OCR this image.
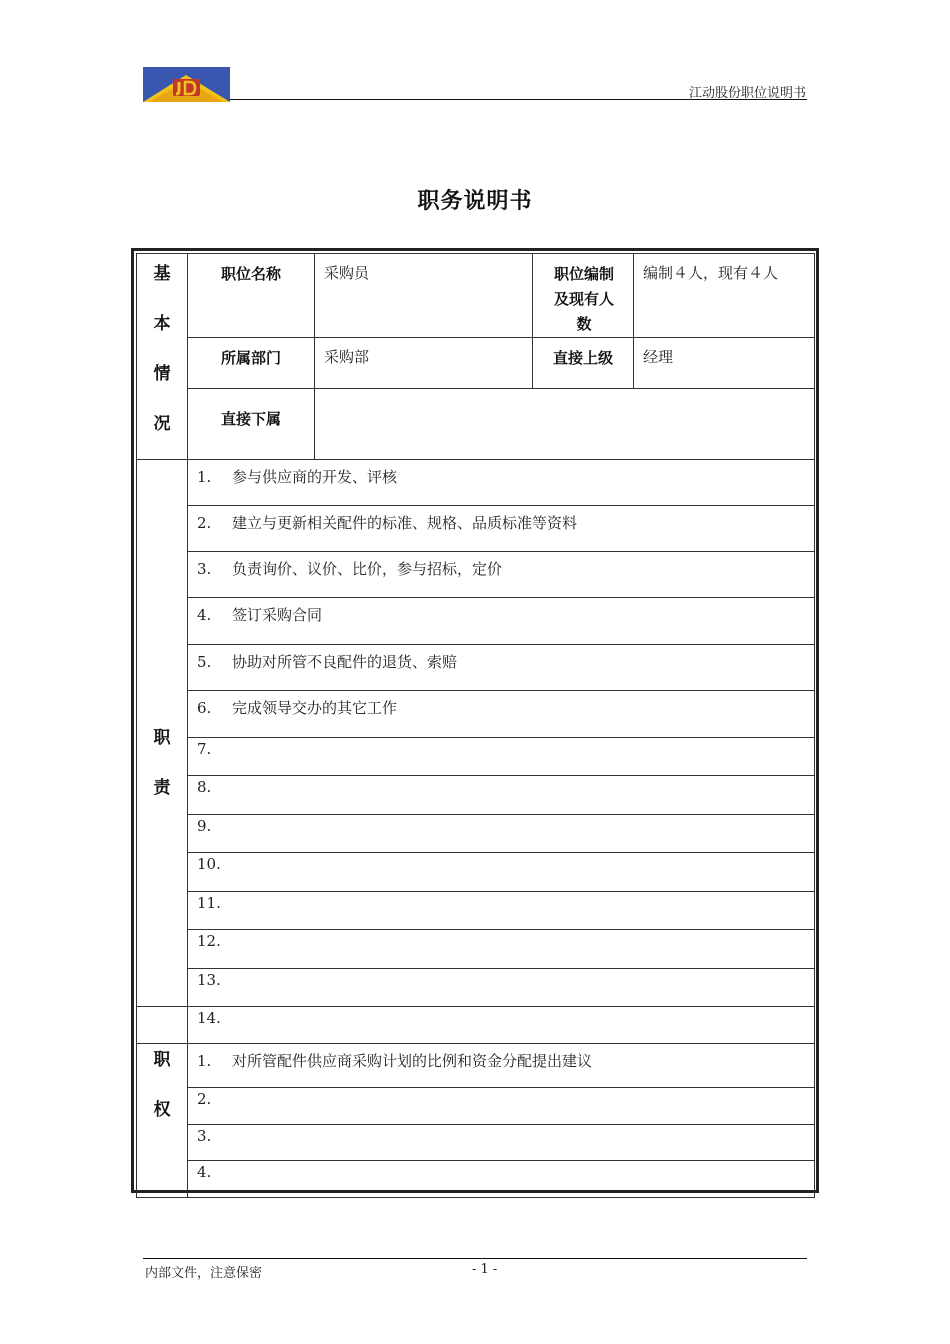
江动股份职位说明书
职务说明书
基
本
情
况	职位名称	采购员	职位编制及现有人数	编制４人，现有４人
	所属部门	采购部	直接上级	经理
	直接下属			

职
责	1. 参与供应商的开发、评核			
	2. 建立与更新相关配件的标准、规格、品质标准等资料			
	3. 负责询价、议价、比价，参与招标，定价			
	4. 签订采购合同			
	5. 协助对所管不良配件的退货、索赔			
	6. 完成领导交办的其它工作			
	7.			
	8.			
	9.			
	10.			
	11.			
	12.			
	13.			
	14.			

职
权	1. 对所管配件供应商采购计划的比例和资金分配提出建议			
	2.			
	3.			
	4.			
内部文件，注意保密	- 1 -
